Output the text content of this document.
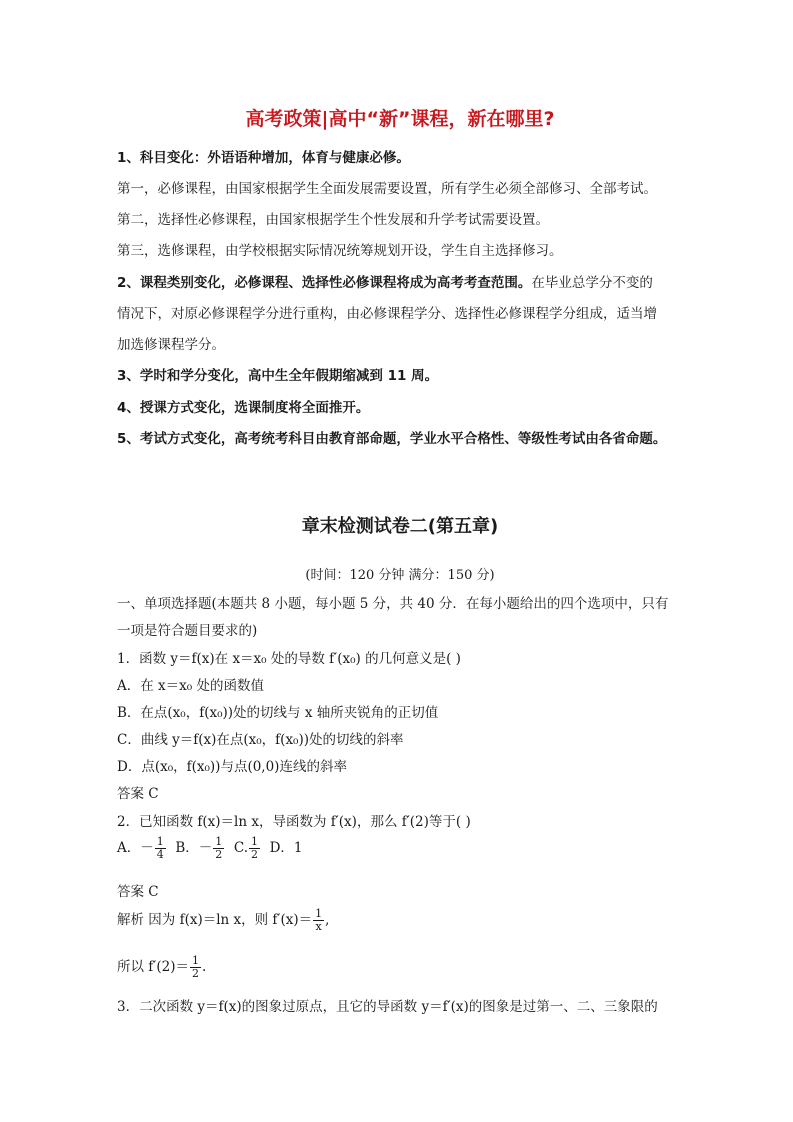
高考政策|高中“新”课程，新在哪里?
1、科目变化：外语语种增加，体育与健康必修。
第一，必修课程，由国家根据学生全面发展需要设置，所有学生必须全部修习、全部考试。
第二，选择性必修课程，由国家根据学生个性发展和升学考试需要设置。
第三，选修课程，由学校根据实际情况统筹规划开设，学生自主选择修习。
2、课程类别变化，必修课程、选择性必修课程将成为高考考查范围。在毕业总学分不变的
情况下，对原必修课程学分进行重构，由必修课程学分、选择性必修课程学分组成，适当增
加选修课程学分。
3、学时和学分变化，高中生全年假期缩减到 11 周。
4、授课方式变化，选课制度将全面推开。
5、考试方式变化，高考统考科目由教育部命题，学业水平合格性、等级性考试由各省命题。
章末检测试卷二(第五章)
(时间：120 分钟 满分：150 分)
一、单项选择题(本题共 8 小题，每小题 5 分，共 40 分．在每小题给出的四个选项中，只有
一项是符合题目要求的)
1．函数 y＝f(x)在 x＝x₀ 处的导数 f′(x₀) 的几何意义是( )
A．在 x＝x₀ 处的函数值
B．在点(x₀，f(x₀))处的切线与 x 轴所夹锐角的正切值
C．曲线 y＝f(x)在点(x₀，f(x₀))处的切线的斜率
D．点(x₀，f(x₀))与点(0,0)连线的斜率
答案 C
2．已知函数 f(x)＝ln x，导函数为 f′(x)，那么 f′(2)等于( )
A．－ $\frac{1}{4}$ B．－ $\frac{1}{2} C$. $\frac{1}{2}$ D．1
答案 C
解析 因为 f(x)＝ln x，则 $f'(x)= \frac{1}{x}$ ,
所以 $f'(2)= \frac{1}{2}$ .
3．二次函数 y＝f(x)的图象过原点，且它的导函数 y＝f′(x)的图象是过第一、二、三象限的
